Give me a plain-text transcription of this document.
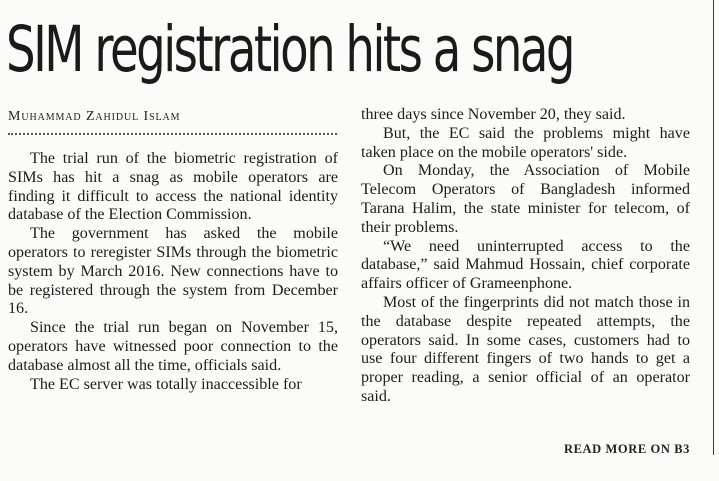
SIM registration hits a snag
Muhammad Zahidul Islam

The trial run of the biometric registration of SIMs has hit a snag as mobile operators are finding it difficult to access the national identity database of the Election Commission.

The government has asked the mobile operators to reregister SIMs through the biometric system by March 2016. New connections have to be registered through the system from December 16.

Since the trial run began on November 15, operators have witnessed poor connection to the database almost all the time, officials said.

The EC server was totally inaccessible for

three days since November 20, they said.

But, the EC said the problems might have taken place on the mobile operators' side.

On Monday, the Association of Mobile Telecom Operators of Bangladesh informed Tarana Halim, the state minister for telecom, of their problems.

“We need uninterrupted access to the database,” said Mahmud Hossain, chief corporate affairs officer of Grameenphone.

Most of the fingerprints did not match those in the database despite repeated attempts, the operators said. In some cases, customers had to use four different fingers of two hands to get a proper reading, a senior official of an operator said.

READ MORE ON B3
